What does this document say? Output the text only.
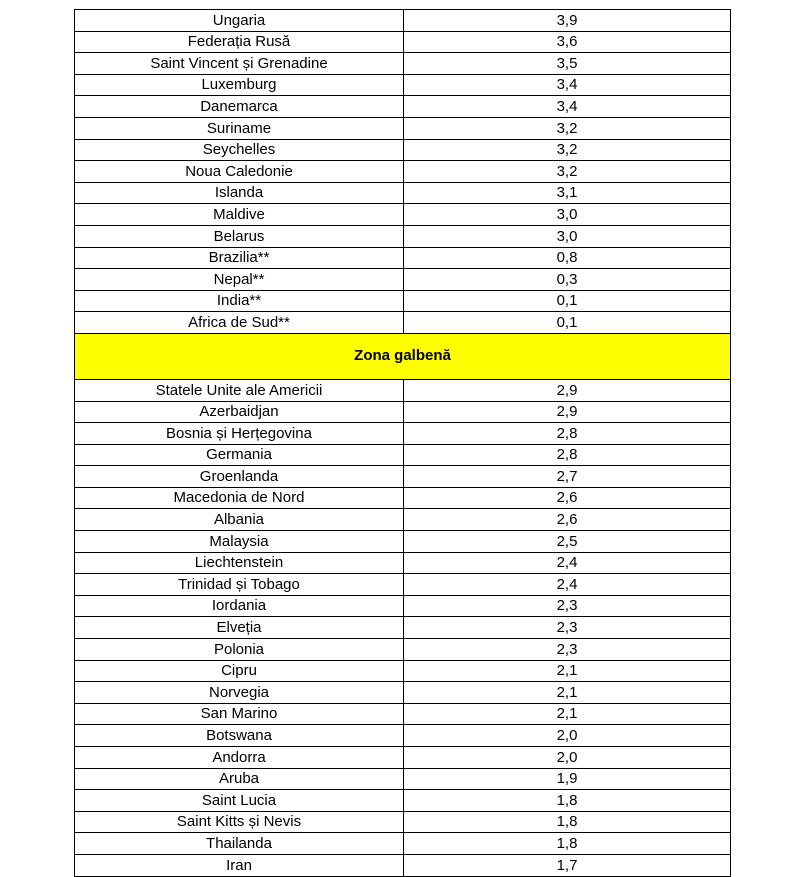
Ungaria	3,9
Federația Rusă	3,6
Saint Vincent și Grenadine	3,5
Luxemburg	3,4
Danemarca	3,4
Suriname	3,2
Seychelles	3,2
Noua Caledonie	3,2
Islanda	3,1
Maldive	3,0
Belarus	3,0
Brazilia**	0,8
Nepal**	0,3
India**	0,1
Africa de Sud**	0,1
Zona galbenă	
Statele Unite ale Americii	2,9
Azerbaidjan	2,9
Bosnia și Herțegovina	2,8
Germania	2,8
Groenlanda	2,7
Macedonia de Nord	2,6
Albania	2,6
Malaysia	2,5
Liechtenstein	2,4
Trinidad și Tobago	2,4
Iordania	2,3
Elveția	2,3
Polonia	2,3
Cipru	2,1
Norvegia	2,1
San Marino	2,1
Botswana	2,0
Andorra	2,0
Aruba	1,9
Saint Lucia	1,8
Saint Kitts și Nevis	1,8
Thailanda	1,8
Iran	1,7
